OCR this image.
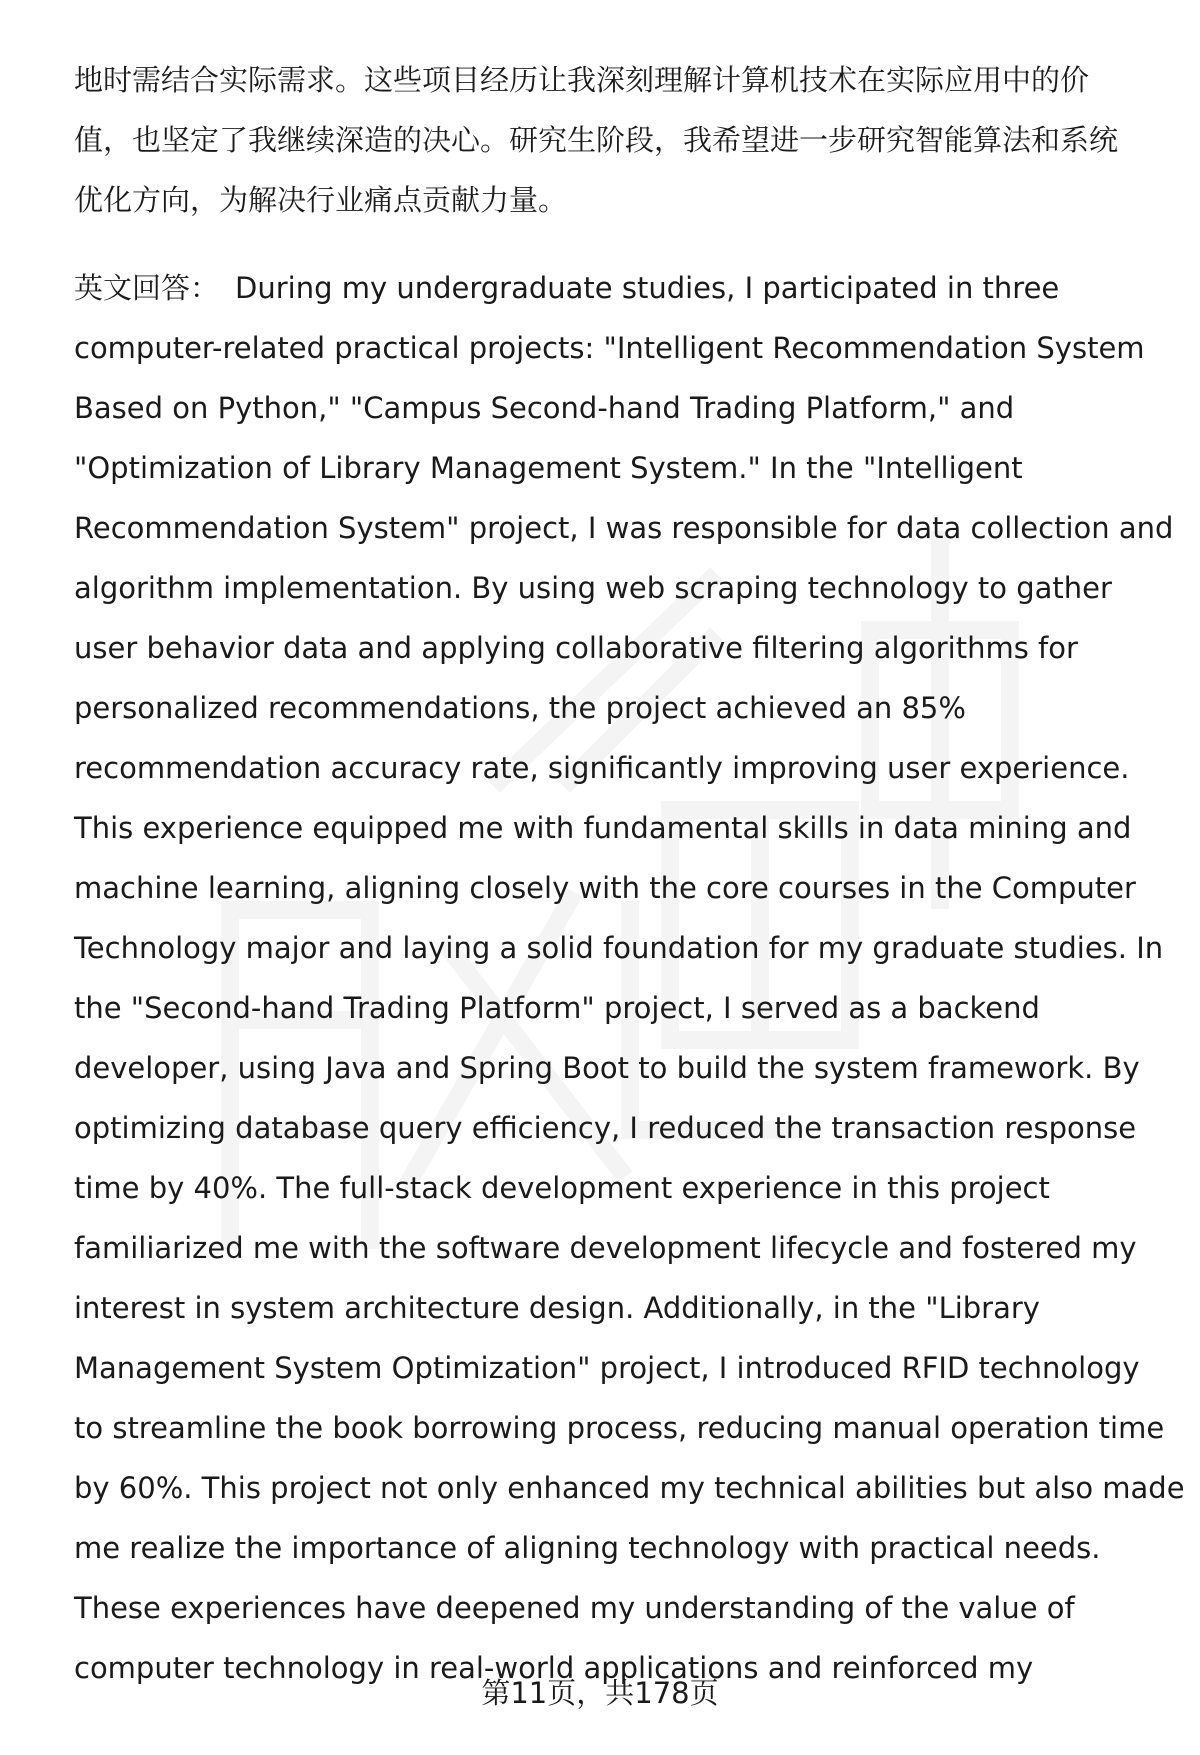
地时需结合实际需求。这些项目经历让我深刻理解计算机技术在实际应用中的价
值，也坚定了我继续深造的决心。研究生阶段，我希望进一步研究智能算法和系统
优化方向，为解决行业痛点贡献力量。
英文回答： During my undergraduate studies, I participated in three
computer-related practical projects: "Intelligent Recommendation System
Based on Python," "Campus Second-hand Trading Platform," and
"Optimization of Library Management System." In the "Intelligent
Recommendation System" project, I was responsible for data collection and
algorithm implementation. By using web scraping technology to gather
user behavior data and applying collaborative filtering algorithms for
personalized recommendations, the project achieved an 85%
recommendation accuracy rate, significantly improving user experience.
This experience equipped me with fundamental skills in data mining and
machine learning, aligning closely with the core courses in the Computer
Technology major and laying a solid foundation for my graduate studies. In
the "Second-hand Trading Platform" project, I served as a backend
developer, using Java and Spring Boot to build the system framework. By
optimizing database query efficiency, I reduced the transaction response
time by 40%. The full-stack development experience in this project
familiarized me with the software development lifecycle and fostered my
interest in system architecture design. Additionally, in the "Library
Management System Optimization" project, I introduced RFID technology
to streamline the book borrowing process, reducing manual operation time
by 60%. This project not only enhanced my technical abilities but also made
me realize the importance of aligning technology with practical needs.
These experiences have deepened my understanding of the value of
computer technology in real-world applications and reinforced my
第11页，共178页
